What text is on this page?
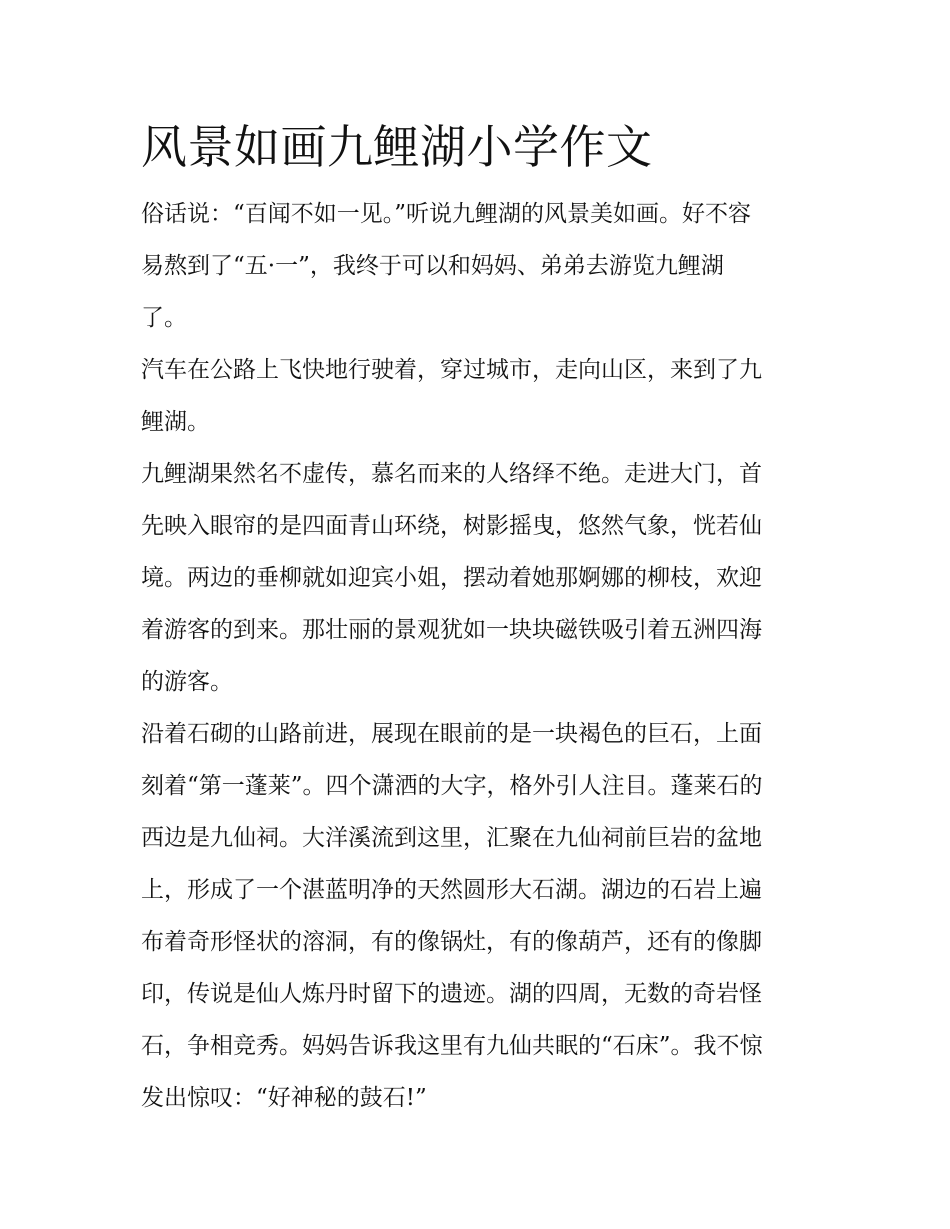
风景如画九鲤湖小学作文

俗话说：“百闻不如一见。”听说九鲤湖的风景美如画。好不容
易熬到了“五·一”，我终于可以和妈妈、弟弟去游览九鲤湖
了。

汽车在公路上飞快地行驶着，穿过城市，走向山区，来到了九
鲤湖。

九鲤湖果然名不虚传，慕名而来的人络绎不绝。走进大门，首
先映入眼帘的是四面青山环绕，树影摇曳，悠然气象，恍若仙
境。两边的垂柳就如迎宾小姐，摆动着她那婀娜的柳枝，欢迎
着游客的到来。那壮丽的景观犹如一块块磁铁吸引着五洲四海
的游客。

沿着石砌的山路前进，展现在眼前的是一块褐色的巨石，上面
刻着“第一蓬莱”。四个潇洒的大字，格外引人注目。蓬莱石的
西边是九仙祠。大洋溪流到这里，汇聚在九仙祠前巨岩的盆地
上，形成了一个湛蓝明净的天然圆形大石湖。湖边的石岩上遍
布着奇形怪状的溶洞，有的像锅灶，有的像葫芦，还有的像脚
印，传说是仙人炼丹时留下的遗迹。湖的四周，无数的奇岩怪
石，争相竞秀。妈妈告诉我这里有九仙共眠的“石床”。我不惊
发出惊叹：“好神秘的鼓石!”
